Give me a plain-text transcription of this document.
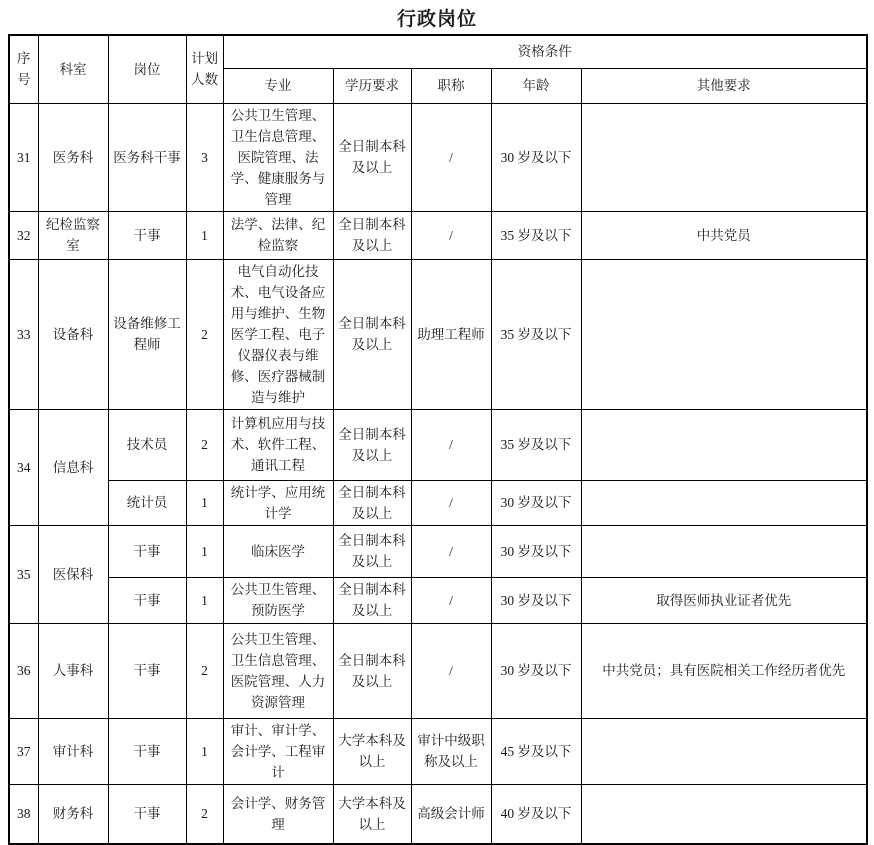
行政岗位
序号	科室	岗位	计划人数	资格条件				
				专业	学历要求	职称	年龄	其他要求
31	医务科	医务科干事	3	公共卫生管理、卫生信息管理、医院管理、法学、健康服务与管理	全日制本科及以上	/	30 岁及以下	
32	纪检监察室	干事	1	法学、法律、纪检监察	全日制本科及以上	/	35 岁及以下	中共党员
33	设备科	设备维修工程师	2	电气自动化技术、电气设备应用与维护、生物医学工程、电子仪器仪表与维修、医疗器械制造与维护	全日制本科及以上	助理工程师	35 岁及以下	
34	信息科	技术员	2	计算机应用与技术、软件工程、通讯工程	全日制本科及以上	/	35 岁及以下	
		统计员	1	统计学、应用统计学	全日制本科及以上	/	30 岁及以下	
35	医保科	干事	1	临床医学	全日制本科及以上	/	30 岁及以下	
		干事	1	公共卫生管理、预防医学	全日制本科及以上	/	30 岁及以下	取得医师执业证者优先
36	人事科	干事	2	公共卫生管理、卫生信息管理、医院管理、人力资源管理	全日制本科及以上	/	30 岁及以下	中共党员；具有医院相关工作经历者优先
37	审计科	干事	1	审计、审计学、会计学、工程审计	大学本科及以上	审计中级职称及以上	45 岁及以下	
38	财务科	干事	2	会计学、财务管理	大学本科及以上	高级会计师	40 岁及以下	
